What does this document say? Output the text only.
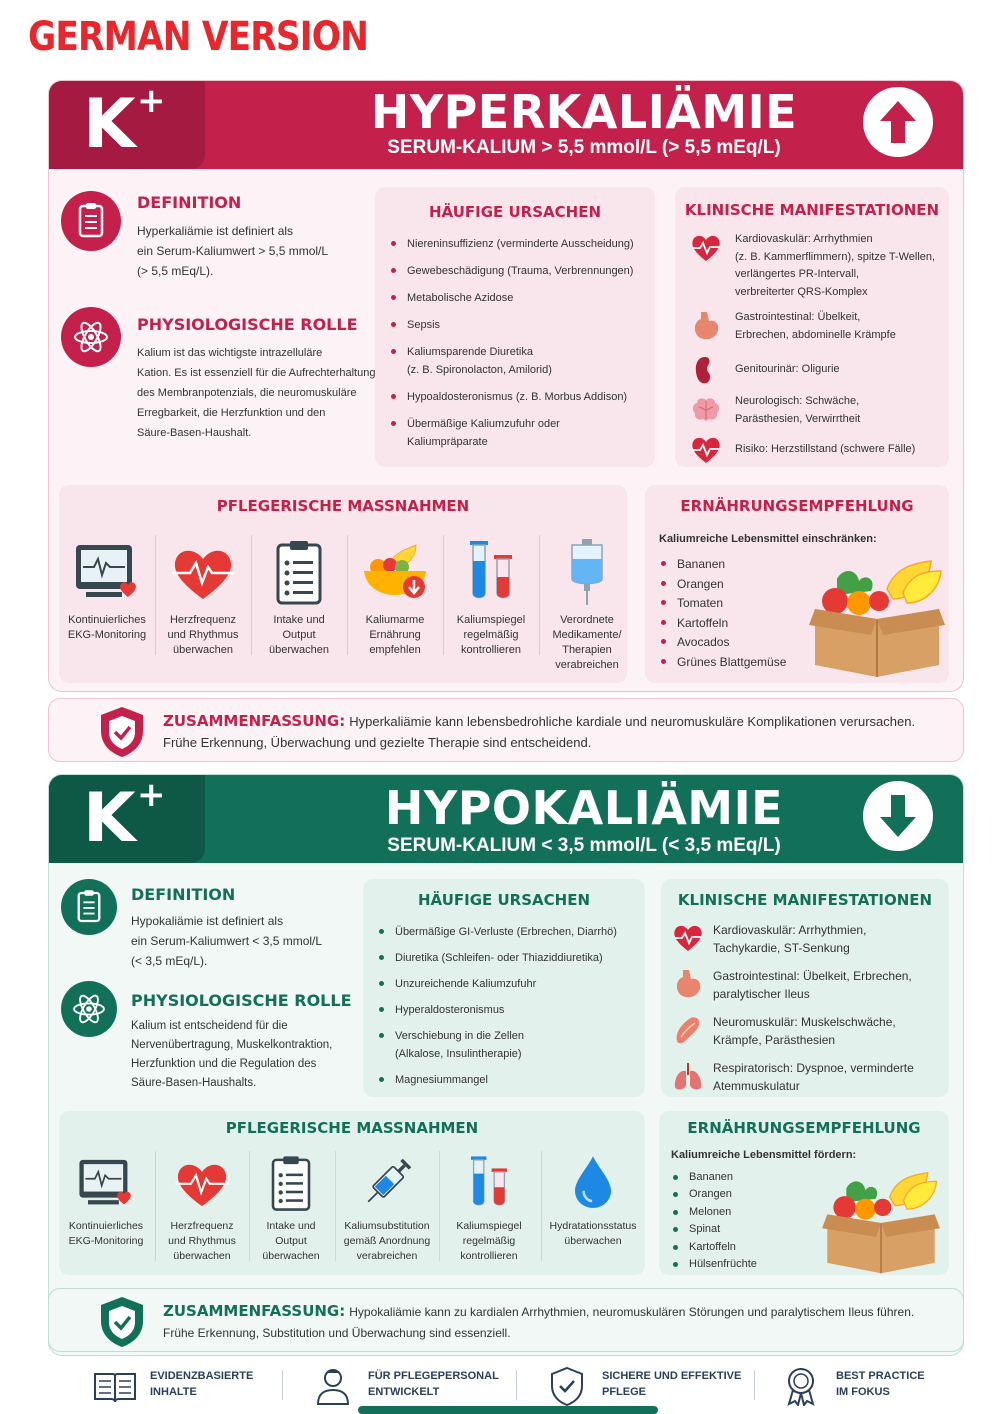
GERMAN VERSION
K +	HYPERKALIÄMIE
SERUM-KALIUM > 5,5 mmol/L (> 5,5 mEq/L)
DEFINITION
Hyperkaliämie ist definiert als
ein Serum-Kaliumwert > 5,5 mmol/L
(> 5,5 mEq/L).
PHYSIOLOGISCHE ROLLE
Kalium ist das wichtigste intrazelluläre
Kation. Es ist essenziell für die Aufrechterhaltung
des Membranpotenzials, die neuromuskuläre
Erregbarkeit, die Herzfunktion und den
Säure-Basen-Haushalt.
HÄUFIGE URSACHEN
Niereninsuffizienz (verminderte Ausscheidung)
Gewebeschädigung (Trauma, Verbrennungen)
Metabolische Azidose
Sepsis
Kaliumsparende Diuretika
(z. B. Spironolacton, Amilorid)
Hypoaldosteronismus (z. B. Morbus Addison)
Übermäßige Kaliumzufuhr oder
Kaliumpräparate
KLINISCHE MANIFESTATIONEN
Kardiovaskulär: Arrhythmien
(z. B. Kammerflimmern), spitze T-Wellen,
verlängertes PR-Intervall,
verbreiterter QRS-Komplex
Gastrointestinal: Übelkeit,
Erbrechen, abdominelle Krämpfe
Genitourinär: Oligurie
Neurologisch: Schwäche,
Parästhesien, Verwirrtheit
Risiko: Herzstillstand (schwere Fälle)
PFLEGERISCHE MASSNAHMEN
Kontinuierliches
EKG-Monitoring
Herzfrequenz
und Rhythmus
überwachen
Intake und
Output
überwachen
Kaliumarme
Ernährung
empfehlen
Kaliumspiegel
regelmäßig
kontrollieren
Verordnete
Medikamente/
Therapien
verabreichen
ERNÄHRUNGSEMPFEHLUNG
Kaliumreiche Lebensmittel einschränken:
Bananen
Orangen
Tomaten
Kartoffeln
Avocados
Grünes Blattgemüse
ZUSAMMENFASSUNG: Hyperkaliämie kann lebensbedrohliche kardiale und neuromuskuläre Komplikationen verursachen.
Frühe Erkennung, Überwachung und gezielte Therapie sind entscheidend.
K +	HYPOKALIÄMIE
SERUM-KALIUM < 3,5 mmol/L (< 3,5 mEq/L)
DEFINITION
Hypokaliämie ist definiert als
ein Serum-Kaliumwert < 3,5 mmol/L
(< 3,5 mEq/L).
PHYSIOLOGISCHE ROLLE
Kalium ist entscheidend für die
Nervenübertragung, Muskelkontraktion,
Herzfunktion und die Regulation des
Säure-Basen-Haushalts.
HÄUFIGE URSACHEN
Übermäßige GI-Verluste (Erbrechen, Diarrhö)
Diuretika (Schleifen- oder Thiaziddiuretika)
Unzureichende Kaliumzufuhr
Hyperaldosteronismus
Verschiebung in die Zellen
(Alkalose, Insulintherapie)
Magnesiummangel
KLINISCHE MANIFESTATIONEN
Kardiovaskulär: Arrhythmien,
Tachykardie, ST-Senkung
Gastrointestinal: Übelkeit, Erbrechen,
paralytischer Ileus
Neuromuskulär: Muskelschwäche,
Krämpfe, Parästhesien
Respiratorisch: Dyspnoe, verminderte
Atemmuskulatur
PFLEGERISCHE MASSNAHMEN
Kontinuierliches
EKG-Monitoring
Herzfrequenz
und Rhythmus
überwachen
Intake und
Output
überwachen
Kaliumsubstitution
gemäß Anordnung
verabreichen
Kaliumspiegel
regelmäßig
kontrollieren
Hydratationsstatus
überwachen
ERNÄHRUNGSEMPFEHLUNG
Kaliumreiche Lebensmittel fördern:
Bananen
Orangen
Melonen
Spinat
Kartoffeln
Hülsenfrüchte
ZUSAMMENFASSUNG: Hypokaliämie kann zu kardialen Arrhythmien, neuromuskulären Störungen und paralytischem Ileus führen.
Frühe Erkennung, Substitution und Überwachung sind essenziell.
EVIDENZBASIERTE
INHALTE
FÜR PFLEGEPERSONAL
ENTWICKELT
SICHERE UND EFFEKTIVE
PFLEGE
BEST PRACTICE
IM FOKUS
